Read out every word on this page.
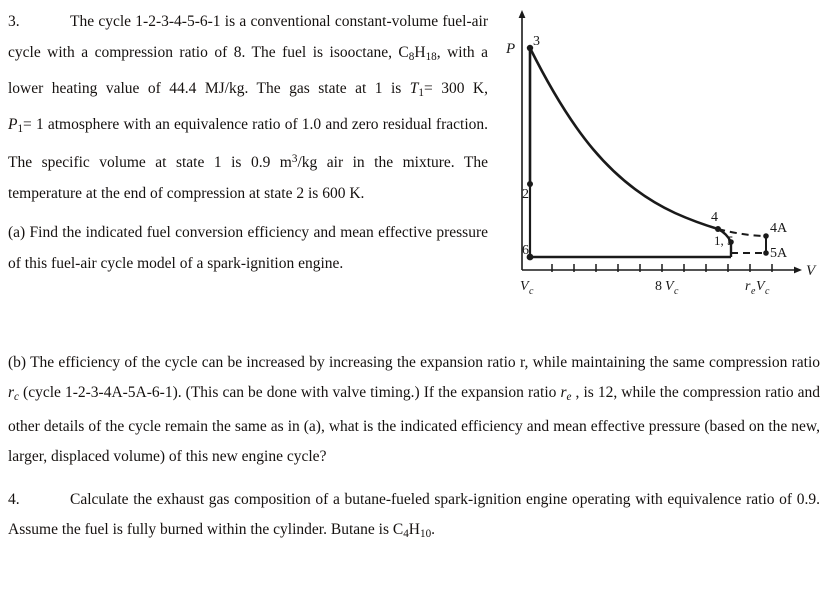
3.	The cycle 1-2-3-4-5-6-1 is a conventional constant-volume fuel-air cycle with a compression ratio of 8. The fuel is isooctane, $C_8H_{18}$, with a lower heating value of 44.4 MJ/kg. The gas state at 1 is $T_1= 300$ K, $P_1= 1$ atmosphere with an equivalence ratio of 1.0 and zero residual fraction. The specific volume at state 1 is 0.9 $m^3/kg$ air in the mixture. The temperature at the end of compression at state 2 is 600 K.

(a) Find the indicated fuel conversion efficiency and mean effective pressure of this fuel-air cycle model of a spark-ignition engine.

P
V
3
2
6
4
1, 5
4A
5A
V c	8 V c	r e V c

(b) The efficiency of the cycle can be increased by increasing the expansion ratio r, while maintaining the same compression ratio $r_c$ (cycle 1-2-3-4A-5A-6-1). (This can be done with valve timing.) If the expansion ratio $r_e$ , is 12, while the compression ratio and other details of the cycle remain the same as in (a), what is the indicated efficiency and mean effective pressure (based on the new, larger, displaced volume) of this new engine cycle?

4.	Calculate the exhaust gas composition of a butane-fueled spark-ignition engine operating with equivalence ratio of 0.9. Assume the fuel is fully burned within the cylinder. Butane is $C_4H_{10}$.
